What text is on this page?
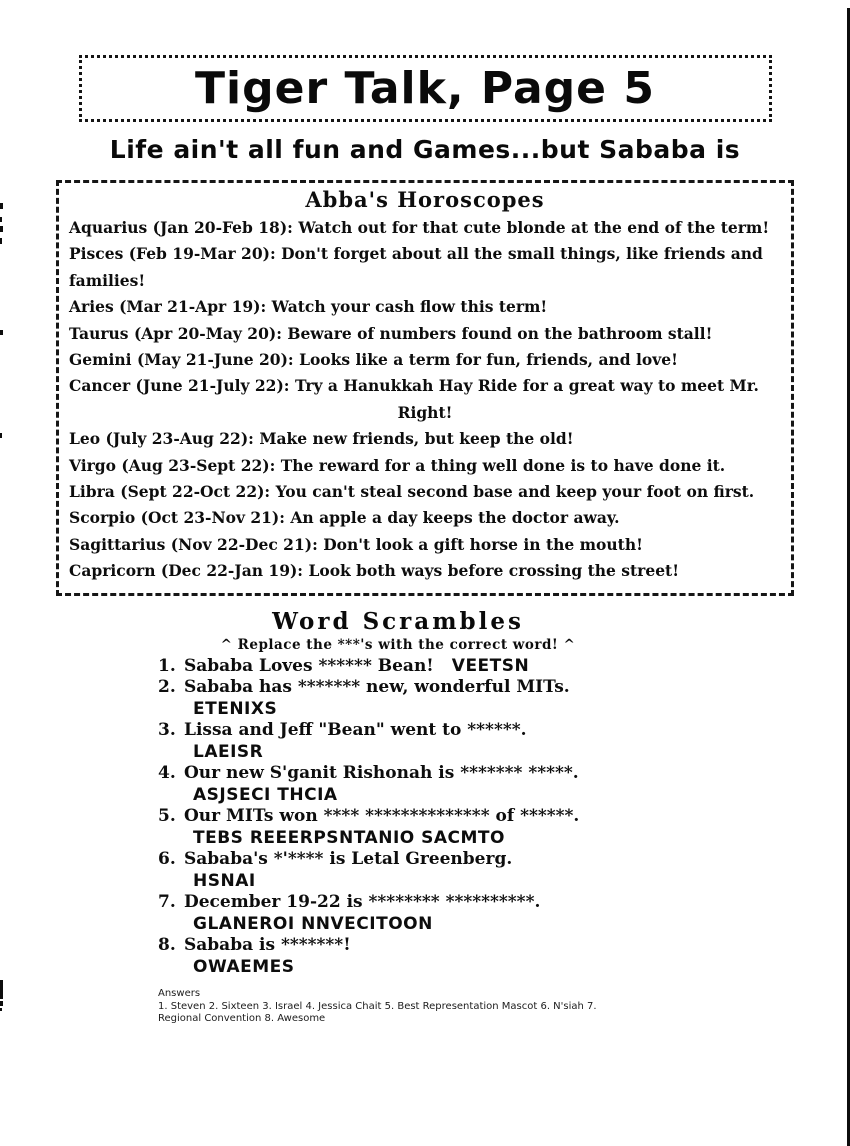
Tiger Talk, Page 5
Life ain't all fun and Games...but Sababa is
Abba's Horoscopes

Aquarius (Jan 20-Feb 18): Watch out for that cute blonde at the end of the term!

Pisces (Feb 19-Mar 20): Don't forget about all the small things, like friends and
families!

Aries (Mar 21-Apr 19): Watch your cash flow this term!

Taurus (Apr 20-May 20): Beware of numbers found on the bathroom stall!

Gemini (May 21-June 20): Looks like a term for fun, friends, and love!

Cancer (June 21-July 22): Try a Hanukkah Hay Ride for a great way to meet Mr.
Right!

Leo (July 23-Aug 22): Make new friends, but keep the old!

Virgo (Aug 23-Sept 22): The reward for a thing well done is to have done it.

Libra (Sept 22-Oct 22): You can't steal second base and keep your foot on first.

Scorpio (Oct 23-Nov 21): An apple a day keeps the doctor away.

Sagittarius (Nov 22-Dec 21): Don't look a gift horse in the mouth!

Capricorn (Dec 22-Jan 19): Look both ways before crossing the street!

Word Scrambles
^ Replace the ***'s with the correct word! ^
1. Sababa Loves ****** Bean! VEETSN
2. Sababa has ******* new, wonderful MITs.
ETENIXS
3. Lissa and Jeff "Bean" went to ******.
LAEISR
4. Our new S'ganit Rishonah is ******* *****.
ASJSECI THCIA
5. Our MITs won **** ************** of ******.
TEBS REEERPSNTANIO SACMTO
6. Sababa's *'**** is Letal Greenberg.
HSNAI
7. December 19-22 is ******** **********.
GLANEROI NNVECITOON
8. Sababa is *******!
OWAEMES
Answers
1. Steven 2. Sixteen 3. Israel 4. Jessica Chait 5. Best Representation Mascot 6. N'siah 7. Regional Convention 8. Awesome
